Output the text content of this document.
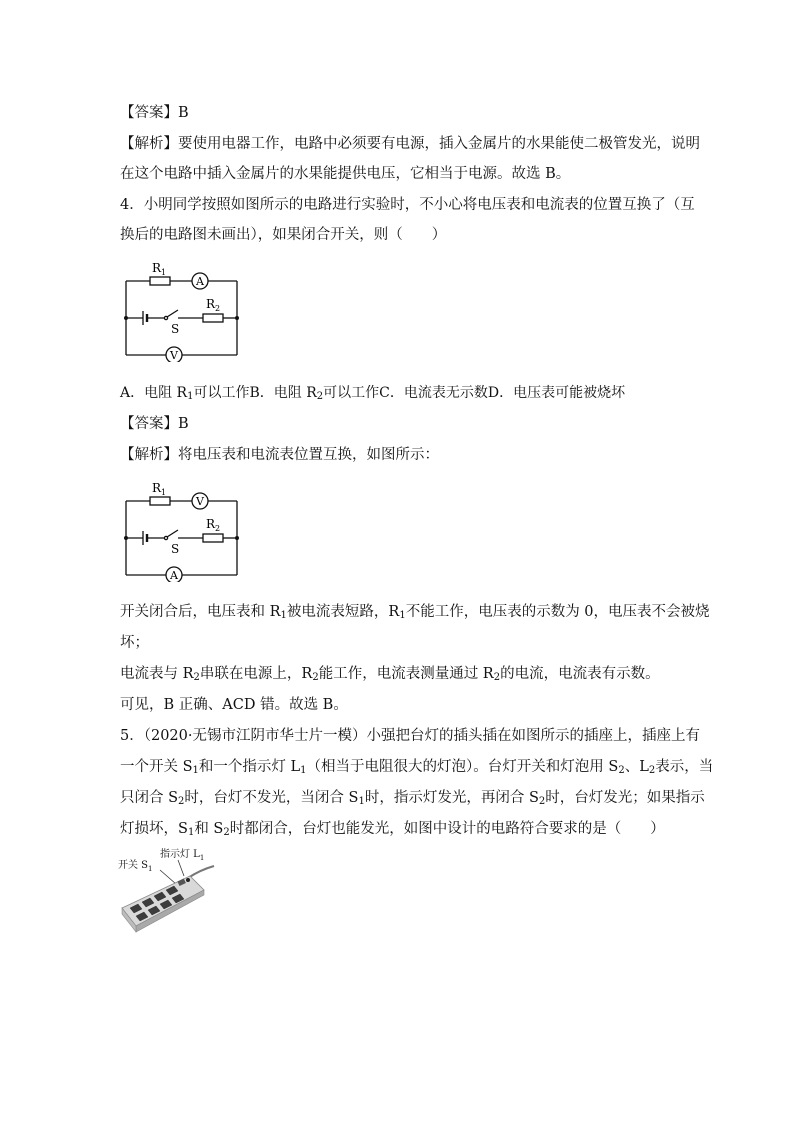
【答案】B
【解析】要使用电器工作，电路中必须要有电源，插入金属片的水果能使二极管发光，说明
在这个电路中插入金属片的水果能提供电压，它相当于电源。故选 B。
4．小明同学按照如图所示的电路进行实验时，不小心将电压表和电流表的位置互换了（互
换后的电路图未画出），如果闭合开关，则（　　）
$R_1$
A
$R_2$
S
V
A．电阻 $R_1$可以工作B．电阻 $R_2$可以工作C．电流表无示数D．电压表可能被烧坏
【答案】B
【解析】将电压表和电流表位置互换，如图所示：
$R_1$
V
$R_2$
S
A
开关闭合后，电压表和 $R_1$被电流表短路，$R_1$不能工作，电压表的示数为 0，电压表不会被烧
坏；
电流表与 $R_2$串联在电源上，$R_2$能工作，电流表测量通过 $R_2$的电流，电流表有示数。
可见，B 正确、ACD 错。故选 B。
5．（2020·无锡市江阴市华士片一模）小强把台灯的插头插在如图所示的插座上，插座上有
一个开关 $S_1$和一个指示灯 $L_1$（相当于电阻很大的灯泡）。台灯开关和灯泡用 $S_2$、$L_2$表示，当
只闭合 $S_2$时，台灯不发光，当闭合 $S_1$时，指示灯发光，再闭合 $S_2$时，台灯发光；如果指示
灯损坏，$S_1$和 $S_2$时都闭合，台灯也能发光，如图中设计的电路符合要求的是（　　）
开关 $S_1$
指示灯 $L_1$
